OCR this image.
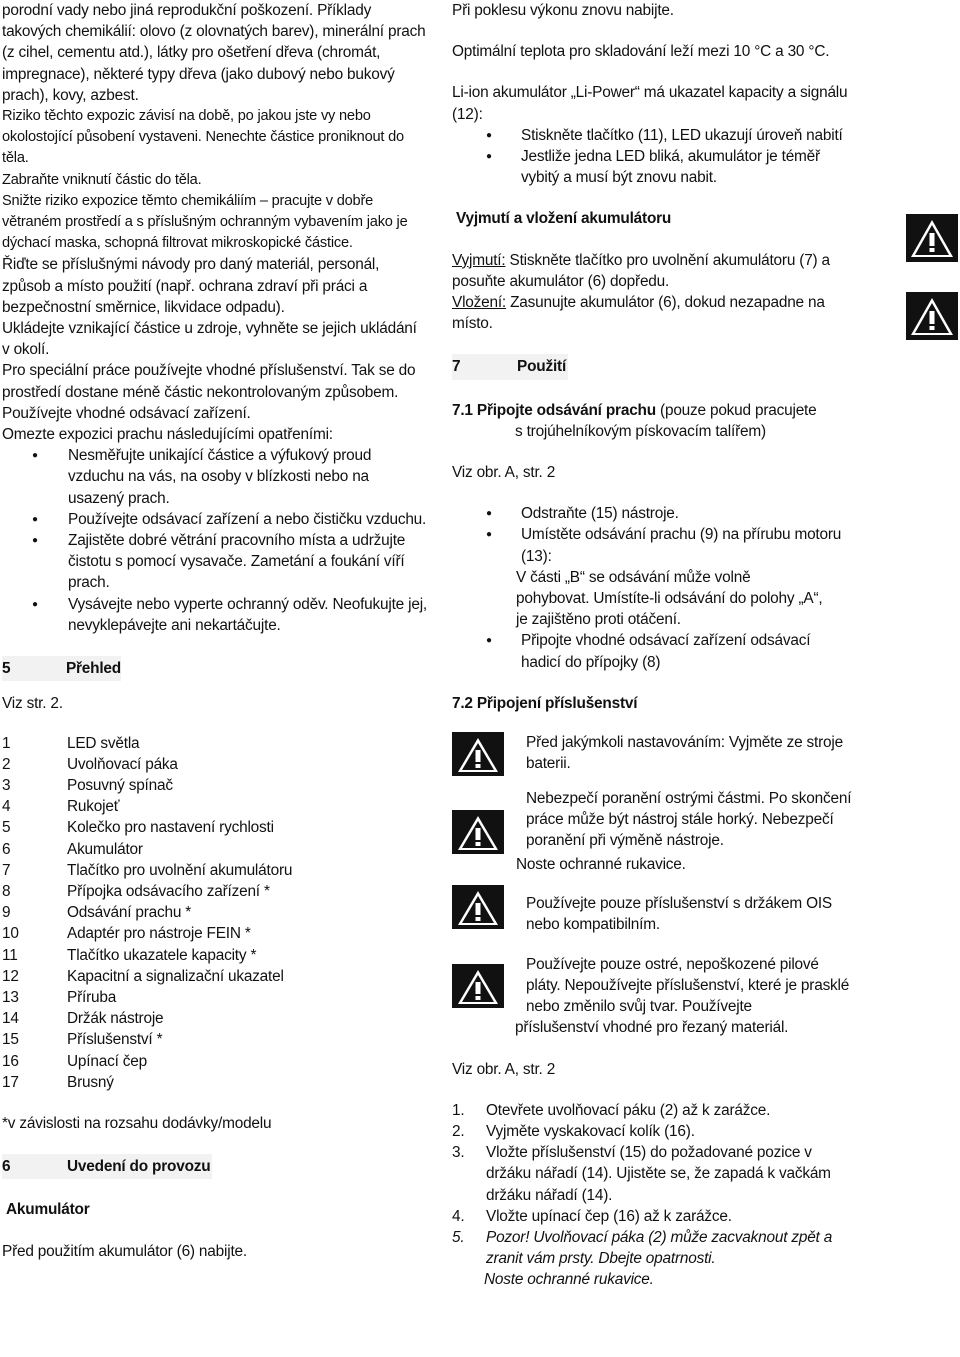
porodní vady nebo jiná reprodukční poškození. Příklady takových chemikálií: olovo (z olovnatých barev), minerální prach (z cihel, cementu atd.), látky pro ošetření dřeva (chromát, impregnace), některé typy dřeva (jako dubový nebo bukový prach), kovy, azbest.

Riziko těchto expozic závisí na době, po jakou jste vy nebo okolostojící působení vystaveni. Nenechte částice proniknout do těla.

Zabraňte vniknutí částic do těla.

Snižte riziko expozice těmto chemikáliím – pracujte v dobře větraném prostředí a s příslušným ochranným vybavením jako je dýchací maska, schopná filtrovat mikroskopické částice.

Řiďte se příslušnými návody pro daný materiál, personál, způsob a místo použití (např. ochrana zdraví při práci a bezpečnostní směrnice, likvidace odpadu).

Ukládejte vznikající částice u zdroje, vyhněte se jejich ukládání v okolí.

Pro speciální práce používejte vhodné příslušenství. Tak se do prostředí dostane méně částic nekontrolovaným způsobem.

Používejte vhodné odsávací zařízení.

Omezte expozici prachu následujícími opatřeními:

● Nesměřujte unikající částice a výfukový proud vzduchu na vás, na osoby v blízkosti nebo na usazený prach.
● Používejte odsávací zařízení a nebo čističku vzduchu.
● Zajistěte dobré větrání pracovního místa a udržujte čistotu s pomocí vysavače. Zametání a foukání víří prach.
● Vysávejte nebo vyperte ochranný oděv. Neofukujte jej, nevyklepávejte ani nekartáčujte.
5	Přehled

Viz str. 2.

1	LED světla
2	Uvolňovací páka
3	Posuvný spínač
4	Rukojeť
5	Kolečko pro nastavení rychlosti
6	Akumulátor
7	Tlačítko pro uvolnění akumulátoru
8	Přípojka odsávacího zařízení *
9	Odsávání prachu *
10	Adaptér pro nástroje FEIN *
11	Tlačítko ukazatele kapacity *
12	Kapacitní a signalizační ukazatel
13	Příruba
14	Držák nástroje
15	Příslušenství *
16	Upínací čep
17	Brusný

*v závislosti na rozsahu dodávky/modelu

6	Uvedení do provozu

Akumulátor

Před použitím akumulátor (6) nabijte.

Při poklesu výkonu znovu nabijte.

Optimální teplota pro skladování leží mezi 10 °C a 30 °C.

Li-ion akumulátor „Li-Power“ má ukazatel kapacity a signálu (12):

● Stiskněte tlačítko (11), LED ukazují úroveň nabití
● Jestliže jedna LED bliká, akumulátor je téměř vybitý a musí být znovu nabit.

Vyjmutí a vložení akumulátoru

Vyjmutí: Stiskněte tlačítko pro uvolnění akumulátoru (7) a posuňte akumulátor (6) dopředu.

Vložení: Zasunujte akumulátor (6), dokud nezapadne na místo.

7	Použití

7.1 Připojte odsávání prachu (pouze pokud pracujete

s trojúhelníkovým pískovacím talířem)

Viz obr. A, str. 2

● Odstraňte (15) nástroje.
● Umístěte odsávání prachu (9) na přírubu motoru (13):

V části „B“ se odsávání může volně

pohybovat. Umístíte-li odsávání do polohy „A“,

je zajištěno proti otáčení.

● Připojte vhodné odsávací zařízení odsávací hadicí do přípojky (8)

7.2 Připojení příslušenství

Před jakýmkoli nastavováním: Vyjměte ze stroje baterii.

Nebezpečí poranění ostrými částmi. Po skončení práce může být nástroj stále horký. Nebezpečí poranění při výměně nástroje.

Noste ochranné rukavice.

Používejte pouze příslušenství s držákem OIS nebo kompatibilním.

Používejte pouze ostré, nepoškozené pilové pláty. Nepoužívejte příslušenství, které je prasklé nebo změnilo svůj tvar. Používejte

příslušenství vhodné pro řezaný materiál.

Viz obr. A, str. 2

1.	Otevřete uvolňovací páku (2) až k zarážce.
2.	Vyjměte vyskakovací kolík (16).
3.	Vložte příslušenství (15) do požadované pozice v držáku nářadí (14). Ujistěte se, že zapadá k vačkám držáku nářadí (14).
4.	Vložte upínací čep (16) až k zarážce.
5.	Pozor! Uvolňovací páka (2) může zacvaknout zpět a zranit vám prsty. Dbejte opatrnosti.

Noste ochranné rukavice.
